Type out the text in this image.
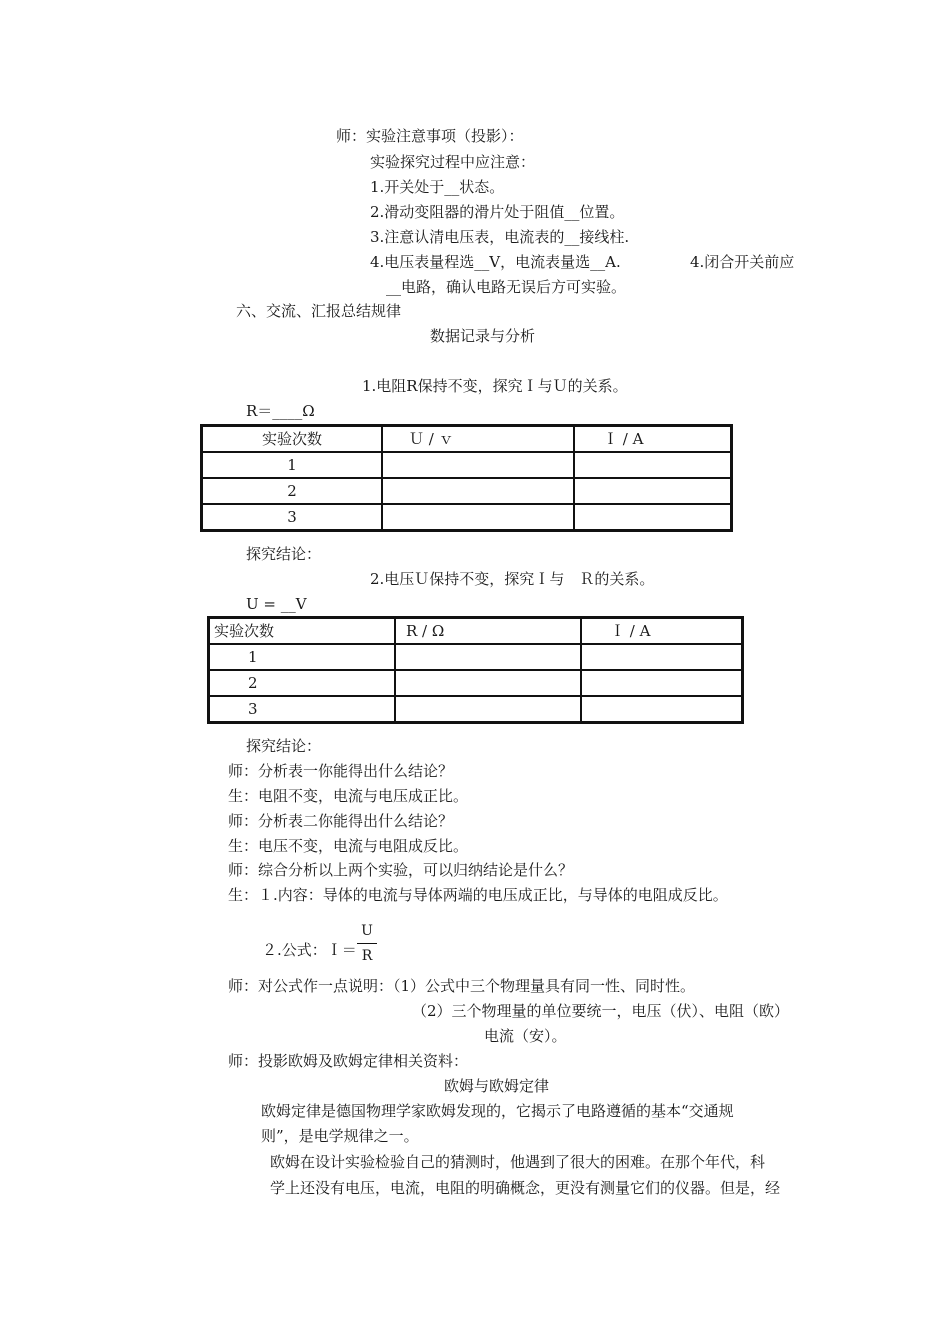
师：实验注意事项（投影）：
实验探究过程中应注意：
1.开关处于__状态。
2.滑动变阻器的滑片处于阻值__位置。
3.注意认清电压表，电流表的__接线柱.
4.电压表量程选__V，电流表量选__A.	4.闭合开关前应
__电路，确认电路无误后方可实验。
六、交流、汇报总结规律
数据记录与分析
1.电阻R保持不变，探究Ｉ与Ｕ的关系。
R＝____Ω
实验次数	Ｕ / ｖ	Ｉ / A
1		
2		
3		
探究结论：
2.电压Ｕ保持不变，探究Ｉ与　Ｒ的关系。
U = __V
实验次数	R / Ω	Ｉ / A
1		
2		
3		
探究结论：
师：分析表一你能得出什么结论？
生：电阻不变，电流与电压成正比。
师：分析表二你能得出什么结论？
生：电压不变，电流与电阻成反比。
师：综合分析以上两个实验，可以归纳结论是什么？
生：１.内容：导体的电流与导体两端的电压成正比，与导体的电阻成反比。
２.公式：Ｉ＝
U
R
师：对公式作一点说明：（1）公式中三个物理量具有同一性、同时性。
（2）三个物理量的单位要统一，电压（伏）、电阻（欧）
电流（安）。
师：投影欧姆及欧姆定律相关资料：
欧姆与欧姆定律
欧姆定律是德国物理学家欧姆发现的，它揭示了电路遵循的基本“交通规
则”，是电学规律之一。
欧姆在设计实验检验自己的猜测时，他遇到了很大的困难。在那个年代，科
学上还没有电压，电流，电阻的明确概念，更没有测量它们的仪器。但是，经
